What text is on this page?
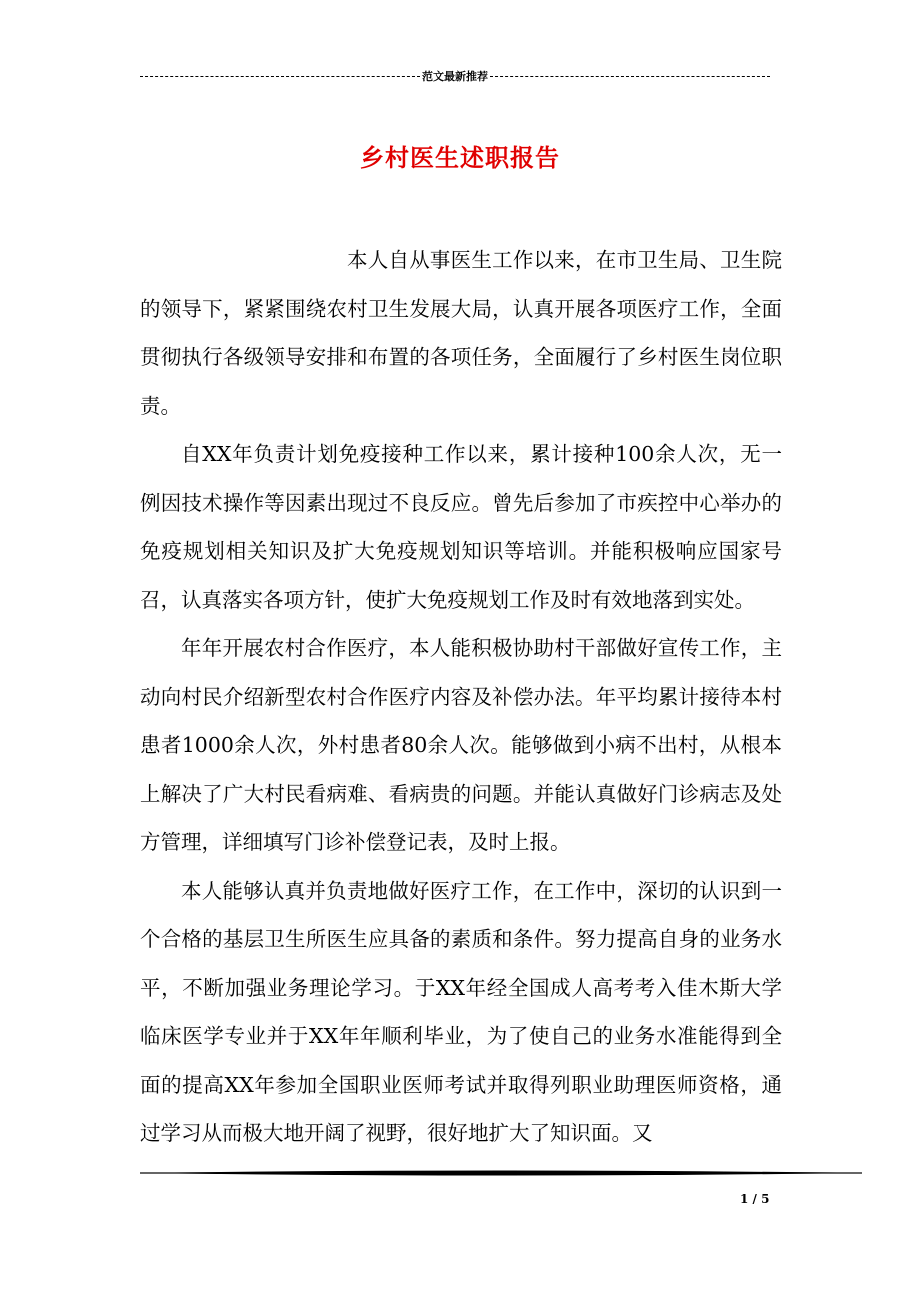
范文最新推荐
乡村医生述职报告

本人自从事医生工作以来，在市卫生局、卫生院的领导下，紧紧围绕农村卫生发展大局，认真开展各项医疗工作，全面贯彻执行各级领导安排和布置的各项任务，全面履行了乡村医生岗位职责。

自XX年负责计划免疫接种工作以来，累计接种100余人次，无一例因技术操作等因素出现过不良反应。曾先后参加了市疾控中心举办的免疫规划相关知识及扩大免疫规划知识等培训。并能积极响应国家号召，认真落实各项方针，使扩大免疫规划工作及时有效地落到实处。

年年开展农村合作医疗，本人能积极协助村干部做好宣传工作，主动向村民介绍新型农村合作医疗内容及补偿办法。年平均累计接待本村患者1000余人次，外村患者80余人次。能够做到小病不出村，从根本上解决了广大村民看病难、看病贵的问题。并能认真做好门诊病志及处方管理，详细填写门诊补偿登记表，及时上报。

本人能够认真并负责地做好医疗工作，在工作中，深切的认识到一个合格的基层卫生所医生应具备的素质和条件。努力提高自身的业务水平，不断加强业务理论学习。于XX年经全国成人高考考入佳木斯大学临床医学专业并于XX年年顺利毕业，为了使自己的业务水准能得到全面的提高XX年参加全国职业医师考试并取得列职业助理医师资格，通过学习从而极大地开阔了视野，很好地扩大了知识面。又

1 / 5
